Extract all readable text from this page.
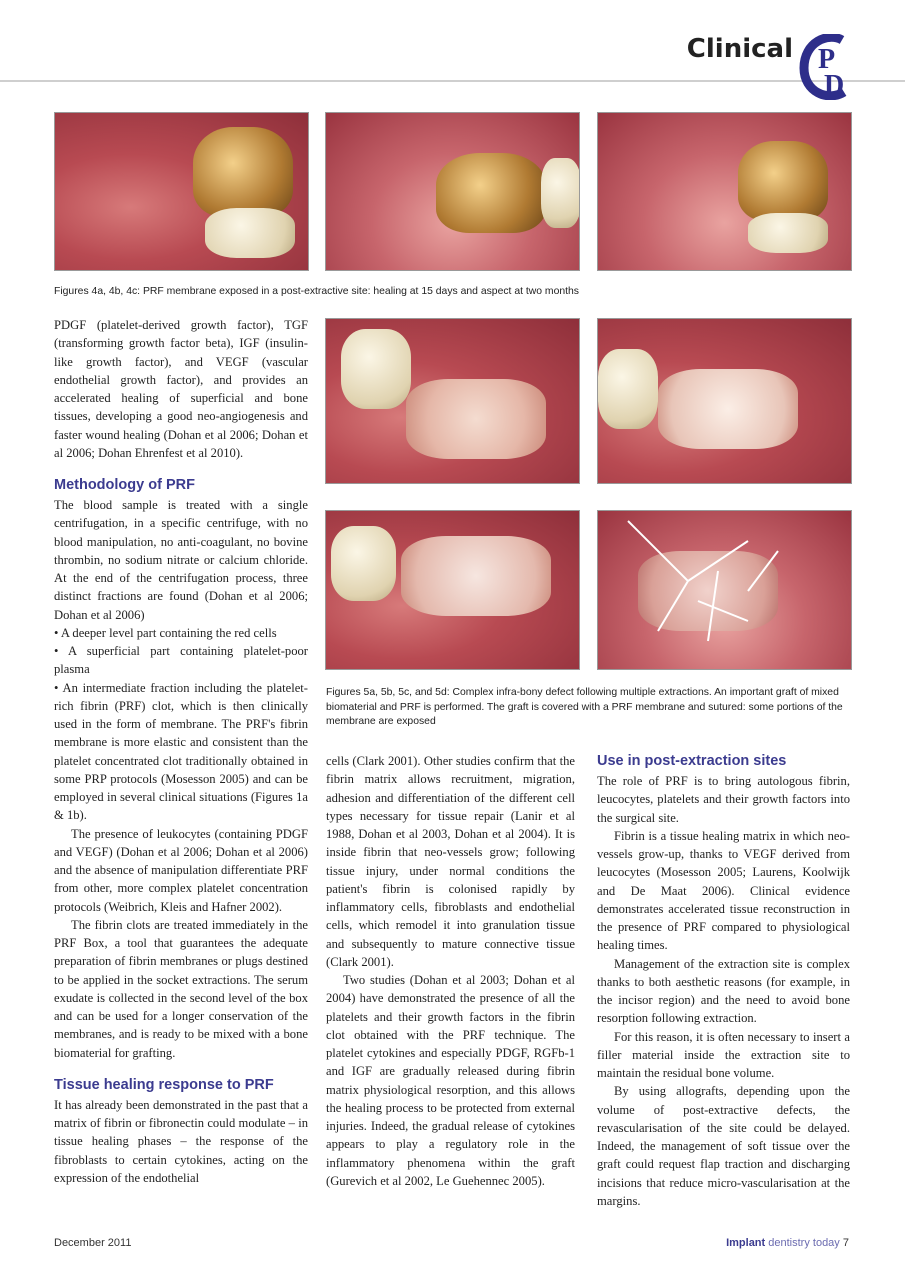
Clinical P
D
Figures 4a, 4b, 4c: PRF membrane exposed in a post-extractive site: healing at 15 days and aspect at two months
Figures 5a, 5b, 5c, and 5d: Complex infra-bony defect following multiple extractions. An important graft of mixed biomaterial and PRF is performed. The graft is covered with a PRF membrane and sutured: some portions of the membrane are exposed

PDGF (platelet-derived growth factor), TGF (transforming growth factor beta), IGF (insulin-like growth factor), and VEGF (vascular endothelial growth factor), and provides an accelerated healing of superficial and bone tissues, developing a good neo-angiogenesis and faster wound healing (Dohan et al 2006; Dohan et al 2006; Dohan Ehrenfest et al 2010).

Methodology of PRF

The blood sample is treated with a single centrifugation, in a specific centrifuge, with no blood manipulation, no anti-coagulant, no bovine thrombin, no sodium nitrate or calcium chloride. At the end of the centrifugation process, three distinct fractions are found (Dohan et al 2006; Dohan et al 2006)

• A deeper level part containing the red cells

• A superficial part containing platelet-poor plasma

• An intermediate fraction including the platelet-rich fibrin (PRF) clot, which is then clinically used in the form of membrane. The PRF's fibrin membrane is more elastic and consistent than the platelet concentrated clot traditionally obtained in some PRP protocols (Mosesson 2005) and can be employed in several clinical situations (Figures 1a & 1b).

The presence of leukocytes (containing PDGF and VEGF) (Dohan et al 2006; Dohan et al 2006) and the absence of manipulation differentiate PRF from other, more complex platelet concentration protocols (Weibrich, Kleis and Hafner 2002).

The fibrin clots are treated immediately in the PRF Box, a tool that guarantees the adequate preparation of fibrin membranes or plugs destined to be applied in the socket extractions. The serum exudate is collected in the second level of the box and can be used for a longer conservation of the membranes, and is ready to be mixed with a bone biomaterial for grafting.

Tissue healing response to PRF

It has already been demonstrated in the past that a matrix of fibrin or fibronectin could modulate – in tissue healing phases – the response of the fibroblasts to certain cytokines, acting on the expression of the endothelial

cells (Clark 2001). Other studies confirm that the fibrin matrix allows recruitment, migration, adhesion and differentiation of the different cell types necessary for tissue repair (Lanir et al 1988, Dohan et al 2003, Dohan et al 2004). It is inside fibrin that neo-vessels grow; following tissue injury, under normal conditions the patient's fibrin is colonised rapidly by inflammatory cells, fibroblasts and endothelial cells, which remodel it into granulation tissue and subsequently to mature connective tissue (Clark 2001).

Two studies (Dohan et al 2003; Dohan et al 2004) have demonstrated the presence of all the platelets and their growth factors in the fibrin clot obtained with the PRF technique. The platelet cytokines and especially PDGF, RGFb-1 and IGF are gradually released during fibrin matrix physiological resorption, and this allows the healing process to be protected from external injuries. Indeed, the gradual release of cytokines appears to play a regulatory role in the inflammatory phenomena within the graft (Gurevich et al 2002, Le Guehennec 2005).

Use in post-extraction sites

The role of PRF is to bring autologous fibrin, leucocytes, platelets and their growth factors into the surgical site.

Fibrin is a tissue healing matrix in which neo-vessels grow-up, thanks to VEGF derived from leucocytes (Mosesson 2005; Laurens, Koolwijk and De Maat 2006). Clinical evidence demonstrates accelerated tissue reconstruction in the presence of PRF compared to physiological healing times.

Management of the extraction site is complex thanks to both aesthetic reasons (for example, in the incisor region) and the need to avoid bone resorption following extraction.

For this reason, it is often necessary to insert a filler material inside the extraction site to maintain the residual bone volume.

By using allografts, depending upon the volume of post-extractive defects, the revascularisation of the site could be delayed. Indeed, the management of soft tissue over the graft could request flap traction and discharging incisions that reduce micro-vascularisation at the margins.

December 2011	Implant dentistry today 7
